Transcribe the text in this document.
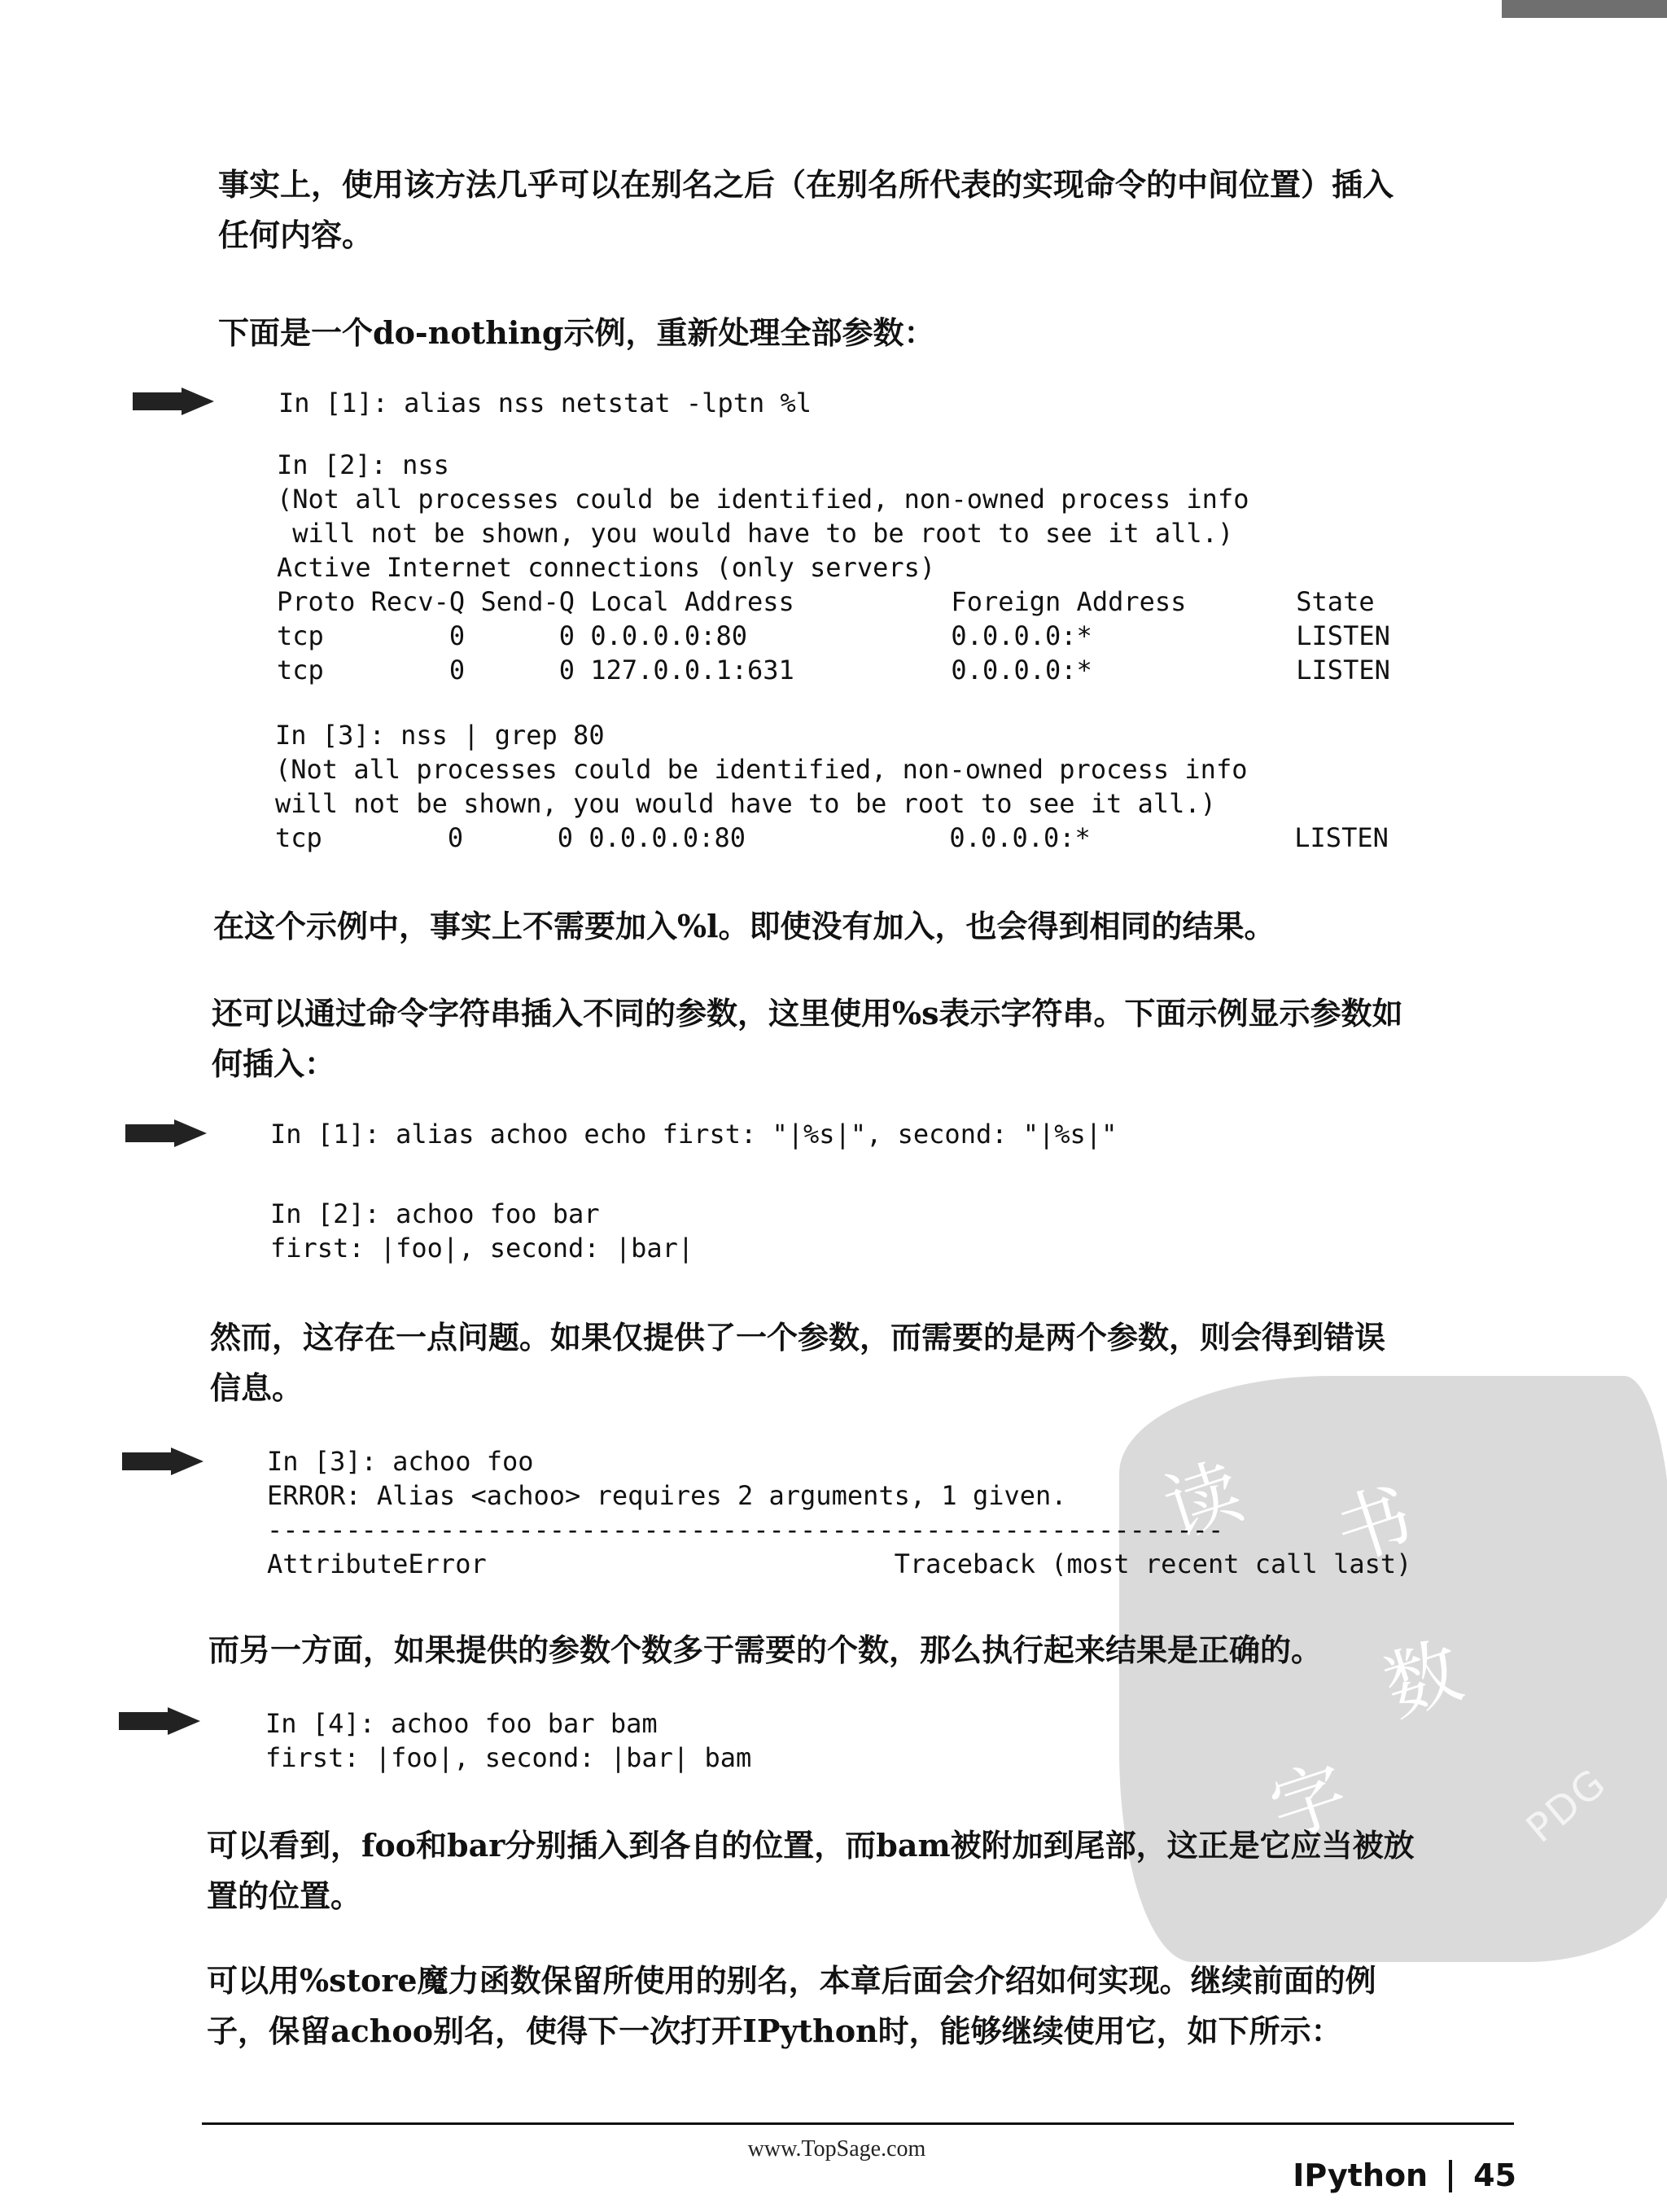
事实上，使用该方法几乎可以在别名之后（在别名所代表的实现命令的中间位置）插入
任何内容。
下面是一个do-nothing示例，重新处理全部参数：
In [1]: alias nss netstat -lptn %l
In [2]: nss
(Not all processes could be identified, non-owned process info
will not be shown, you would have to be root to see it all.)
Active Internet connections (only servers)
Proto Recv-Q Send-Q Local Address          Foreign Address       State
tcp        0      0 0.0.0.0:80             0.0.0.0:*             LISTEN
tcp        0      0 127.0.0.1:631          0.0.0.0:*             LISTEN
In [3]: nss | grep 80
(Not all processes could be identified, non-owned process info
will not be shown, you would have to be root to see it all.)
tcp        0      0 0.0.0.0:80             0.0.0.0:*             LISTEN
在这个示例中，事实上不需要加入%l。即使没有加入，也会得到相同的结果。
还可以通过命令字符串插入不同的参数，这里使用%s表示字符串。下面示例显示参数如
何插入：
In [1]: alias achoo echo first: "|%s|", second: "|%s|"
In [2]: achoo foo bar
first: |foo|, second: |bar|
然而，这存在一点问题。如果仅提供了一个参数，而需要的是两个参数，则会得到错误
信息。
读 书
数
字	PDG
In [3]: achoo foo
ERROR: Alias <achoo> requires 2 arguments, 1 given.
-------------------------------------------------------------
AttributeError                          Traceback (most recent call last)
而另一方面，如果提供的参数个数多于需要的个数，那么执行起来结果是正确的。
In [4]: achoo foo bar bam
first: |foo|, second: |bar| bam
可以看到，foo和bar分别插入到各自的位置，而bam被附加到尾部，这正是它应当被放
置的位置。
可以用%store魔力函数保留所使用的别名，本章后面会介绍如何实现。继续前面的例
子，保留achoo别名，使得下一次打开IPython时，能够继续使用它，如下所示：
www.TopSage.com
IPython 45
